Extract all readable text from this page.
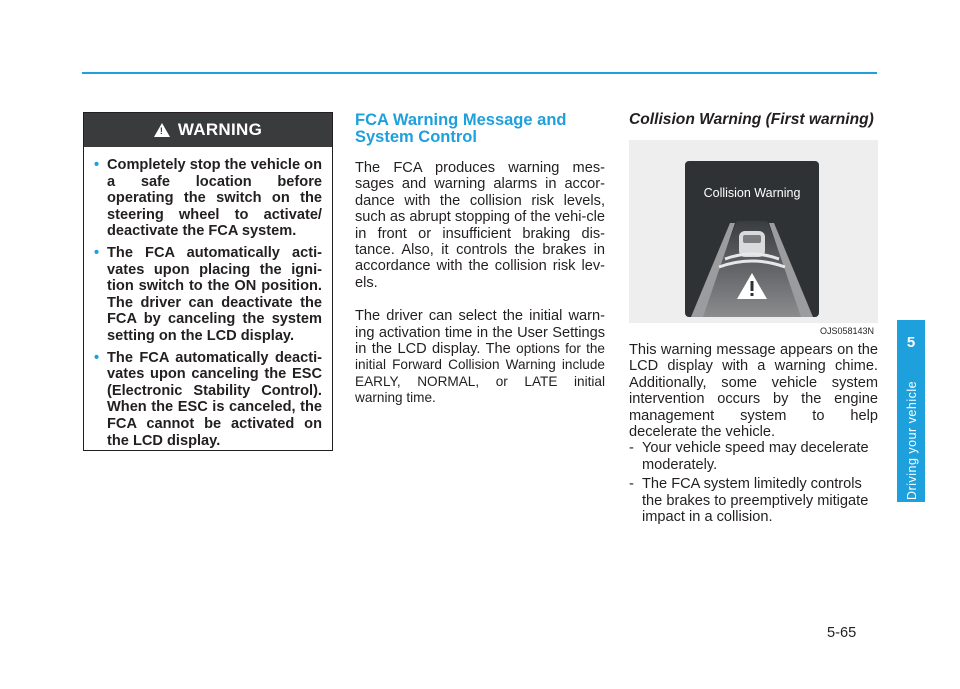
! WARNING
• Completely stop the vehicle on a safe location before operating the switch on the steering wheel to activate/ deactivate the FCA system.
• The FCA automatically acti-vates upon placing the igni-tion switch to the ON position. The driver can deactivate the FCA by canceling the system setting on the LCD display.
• The FCA automatically deacti-vates upon canceling the ESC (Electronic Stability Control). When the ESC is canceled, the FCA cannot be activated on the LCD display.
FCA Warning Message and System Control

The FCA produces warning mes-sages and warning alarms in accor-dance with the collision risk levels, such as abrupt stopping of the vehi-cle in front or insufficient braking dis-tance. Also, it controls the brakes in accordance with the collision risk lev-els.

The driver can select the initial warn-ing activation time in the User Settings in the LCD display. The options for the initial Forward Collision Warning include EARLY, NORMAL, or LATE initial warning time.

Collision Warning (First warning)
Collision Warning
OJS058143N

This warning message appears on the LCD display with a warning chime. Additionally, some vehicle system intervention occurs by the engine management system to help decelerate the vehicle.

- Your vehicle speed may decelerate moderately.
- The FCA system limitedly controls the brakes to preemptively mitigate impact in a collision.
5
Driving your vehicle
5-65
